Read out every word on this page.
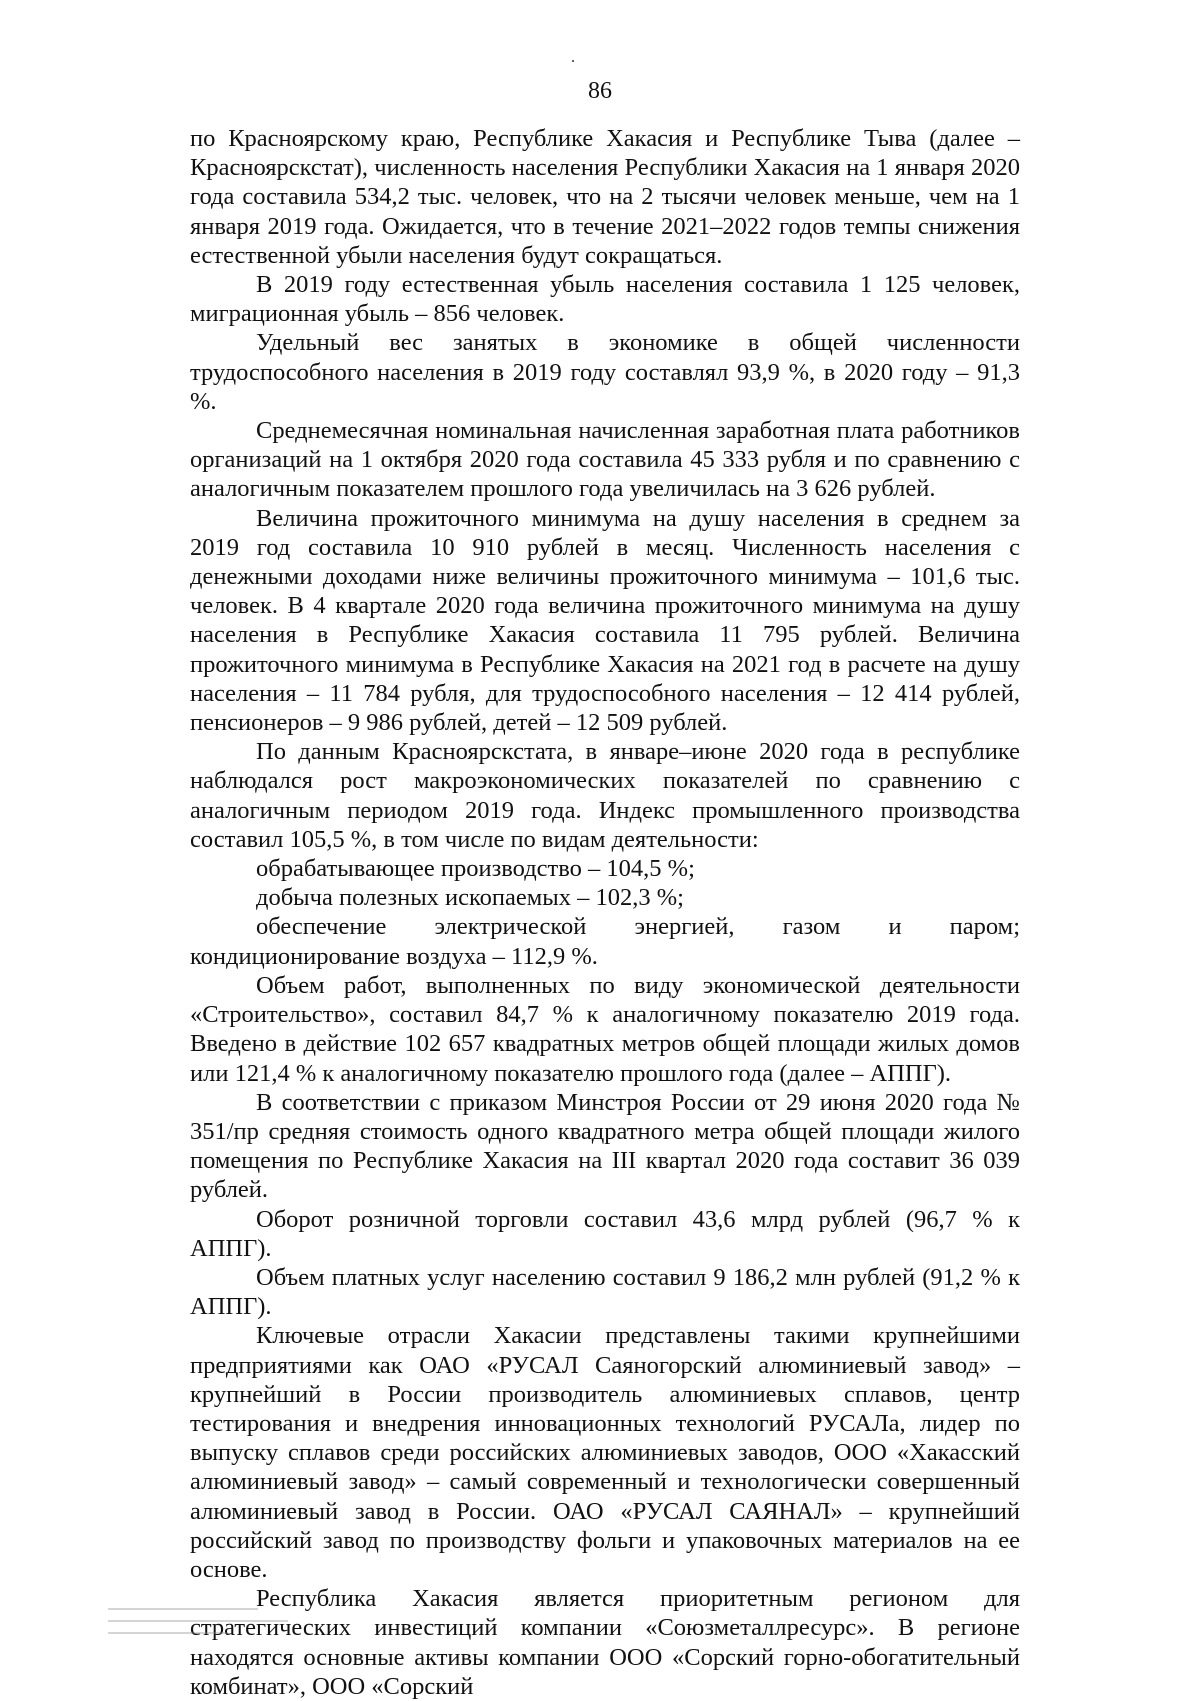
86

по Красноярскому краю, Республике Хакасия и Республике Тыва (далее – Красноярскстат), численность населения Республики Хакасия на 1 января 2020 года составила 534,2 тыс. человек, что на 2 тысячи человек меньше, чем на 1 января 2019 года. Ожидается, что в течение 2021–2022 годов темпы снижения естественной убыли населения будут сокращаться.

В 2019 году естественная убыль населения составила 1 125 человек, миграционная убыль – 856 человек.

Удельный вес занятых в экономике в общей численности трудоспособного населения в 2019 году составлял 93,9 %, в 2020 году – 91,3 %.

Среднемесячная номинальная начисленная заработная плата работников организаций на 1 октября 2020 года составила 45 333 рубля и по сравнению с аналогичным показателем прошлого года увеличилась на 3 626 рублей.

Величина прожиточного минимума на душу населения в среднем за 2019 год составила 10 910 рублей в месяц. Численность населения с денежными доходами ниже величины прожиточного минимума – 101,6 тыс. человек. В 4 квартале 2020 года величина прожиточного минимума на душу населения в Республике Хакасия составила 11 795 рублей. Величина прожиточного минимума в Республике Хакасия на 2021 год в расчете на душу населения – 11 784 рубля, для трудоспособного населения – 12 414 рублей, пенсионеров – 9 986 рублей, детей – 12 509 рублей.

По данным Красноярскстата, в январе–июне 2020 года в республике наблюдался рост макроэкономических показателей по сравнению с аналогичным периодом 2019 года. Индекс промышленного производства составил 105,5 %, в том числе по видам деятельности:

обрабатывающее производство – 104,5 %;

добыча полезных ископаемых – 102,3 %;

обеспечение электрической энергией, газом и паром; кондиционирование воздуха – 112,9 %.

Объем работ, выполненных по виду экономической деятельности «Строительство», составил 84,7 % к аналогичному показателю 2019 года. Введено в действие 102 657 квадратных метров общей площади жилых домов или 121,4 % к аналогичному показателю прошлого года (далее – АППГ).

В соответствии с приказом Минстроя России от 29 июня 2020 года № 351/пр средняя стоимость одного квадратного метра общей площади жилого помещения по Республике Хакасия на III квартал 2020 года составит 36 039 рублей.

Оборот розничной торговли составил 43,6 млрд рублей (96,7 % к АППГ).

Объем платных услуг населению составил 9 186,2 млн рублей (91,2 % к АППГ).

Ключевые отрасли Хакасии представлены такими крупнейшими предприятиями как ОАО «РУСАЛ Саяногорский алюминиевый завод» – крупнейший в России производитель алюминиевых сплавов, центр тестирования и внедрения инновационных технологий РУСАЛа, лидер по выпуску сплавов среди российских алюминиевых заводов, ООО «Хакасский алюминиевый завод» – самый современный и технологически совершенный алюминиевый завод в России. ОАО «РУСАЛ САЯНАЛ» – крупнейший российский завод по производству фольги и упаковочных материалов на ее основе.

Республика Хакасия является приоритетным регионом для стратегических инвестиций компании «Союзметаллресурс». В регионе находятся основные активы компании ООО «Сорский горно-обогатительный комбинат», ООО «Сорский
